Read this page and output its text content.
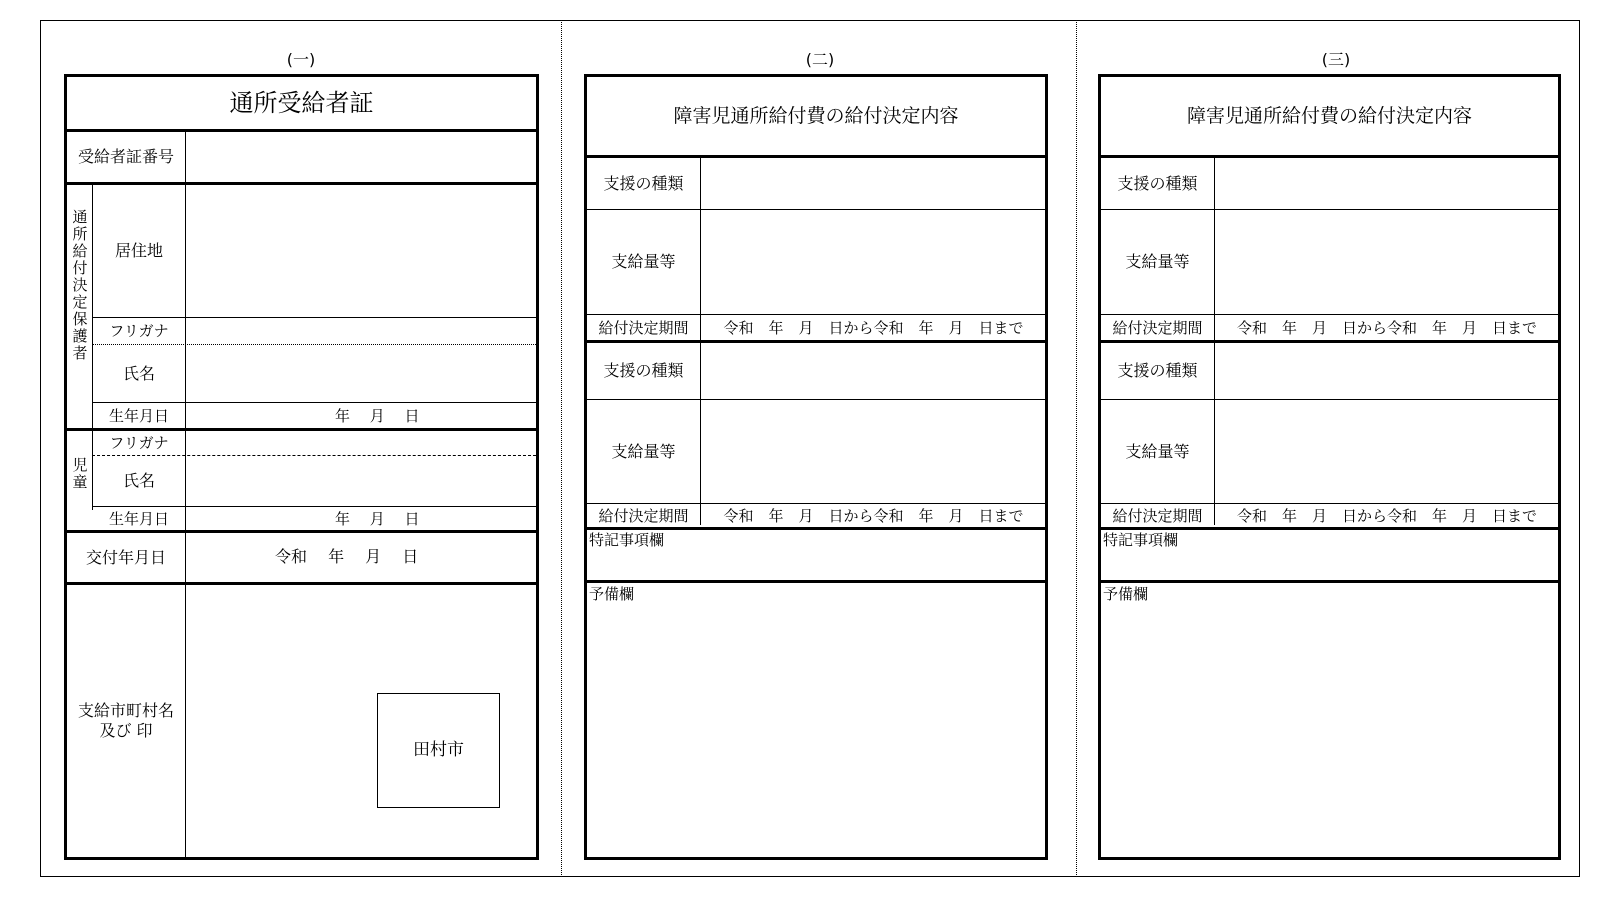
(一)	(二)	(三)
通所受給者証
受給者証番号
通所給付決定保護者
居住地
フリガナ
氏名
生年月日	年　 月　 日
児童
フリガナ
氏名
生年月日	年　 月　 日
交付年月日	令和　 年　 月　 日
支給市町村名
及び 印
田村市
障害児通所給付費の給付決定内容
支援の種類
支給量等
給付決定期間	令和　年　月　日から令和　年　月　日まで
支援の種類
支給量等
給付決定期間	令和　年　月　日から令和　年　月　日まで
特記事項欄
予備欄
障害児通所給付費の給付決定内容
支援の種類
支給量等
給付決定期間	令和　年　月　日から令和　年　月　日まで
支援の種類
支給量等
給付決定期間	令和　年　月　日から令和　年　月　日まで
特記事項欄
予備欄
